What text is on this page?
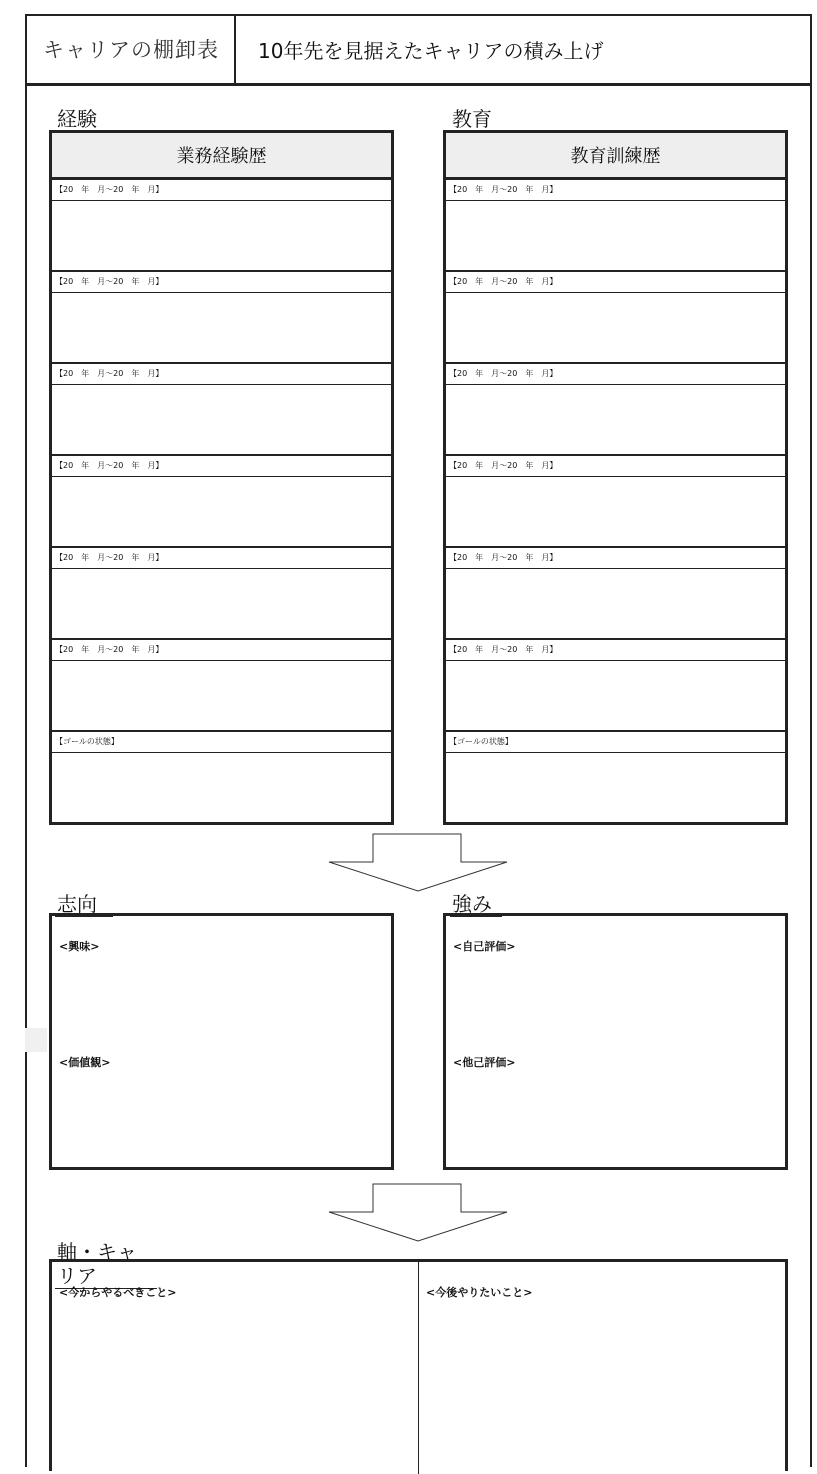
キャリアの棚卸表	10年先を見据えたキャリアの積み上げ
経験
業務経験歴
【20　年　月～20　年　月】
【20　年　月～20　年　月】
【20　年　月～20　年　月】
【20　年　月～20　年　月】
【20　年　月～20　年　月】
【20　年　月～20　年　月】
【ゴールの状態】
教育
教育訓練歴
【20　年　月～20　年　月】
【20　年　月～20　年　月】
【20　年　月～20　年　月】
【20　年　月～20　年　月】
【20　年　月～20　年　月】
【20　年　月～20　年　月】
【ゴールの状態】
志向	強み
<興味>
<価値観>
<自己評価>
<他己評価>
軸・キャリア
<今からやるべきこと>	<今後やりたいこと>
